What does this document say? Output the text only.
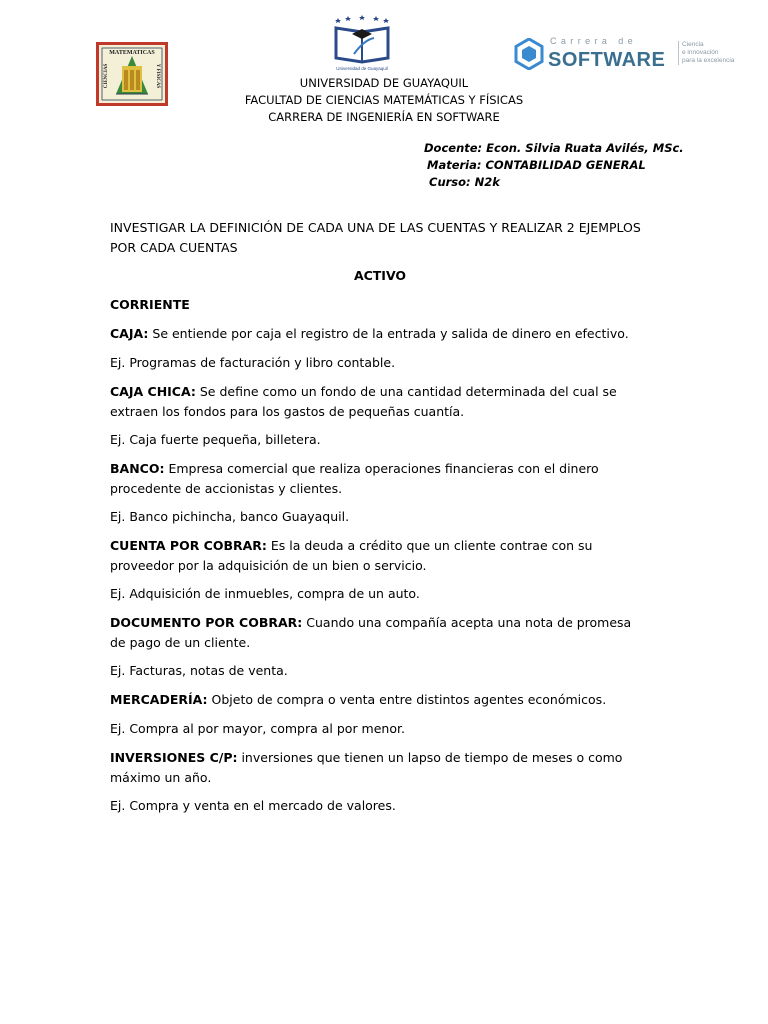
MATEMATICAS
CIENCIAS	Y FISICAS	Universidad de Guayaquil
Carrera de
SOFTWARE
Ciencia
e innovación
para la excelencia
UNIVERSIDAD DE GUAYAQUIL
FACULTAD DE CIENCIAS MATEMÁTICAS Y FÍSICAS
CARRERA DE INGENIERÍA EN SOFTWARE
Docente: Econ. Silvia Ruata Avilés, MSc.
Materia: CONTABILIDAD GENERAL
Curso: N2k
INVESTIGAR LA DEFINICIÓN DE CADA UNA DE LAS CUENTAS Y REALIZAR 2 EJEMPLOS POR CADA CUENTAS
ACTIVO
CORRIENTE
CAJA: Se entiende por caja el registro de la entrada y salida de dinero en efectivo.
Ej. Programas de facturación y libro contable.
CAJA CHICA: Se define como un fondo de una cantidad determinada del cual se extraen los fondos para los gastos de pequeñas cuantía.
Ej. Caja fuerte pequeña, billetera.
BANCO: Empresa comercial que realiza operaciones financieras con el dinero procedente de accionistas y clientes.
Ej. Banco pichincha, banco Guayaquil.
CUENTA POR COBRAR: Es la deuda a crédito que un cliente contrae con su proveedor por la adquisición de un bien o servicio.
Ej. Adquisición de inmuebles, compra de un auto.
DOCUMENTO POR COBRAR: Cuando una compañía acepta una nota de promesa de pago de un cliente.
Ej. Facturas, notas de venta.
MERCADERÍA: Objeto de compra o venta entre distintos agentes económicos.
Ej. Compra al por mayor, compra al por menor.
INVERSIONES C/P: inversiones que tienen un lapso de tiempo de meses o como máximo un año.
Ej. Compra y venta en el mercado de valores.
